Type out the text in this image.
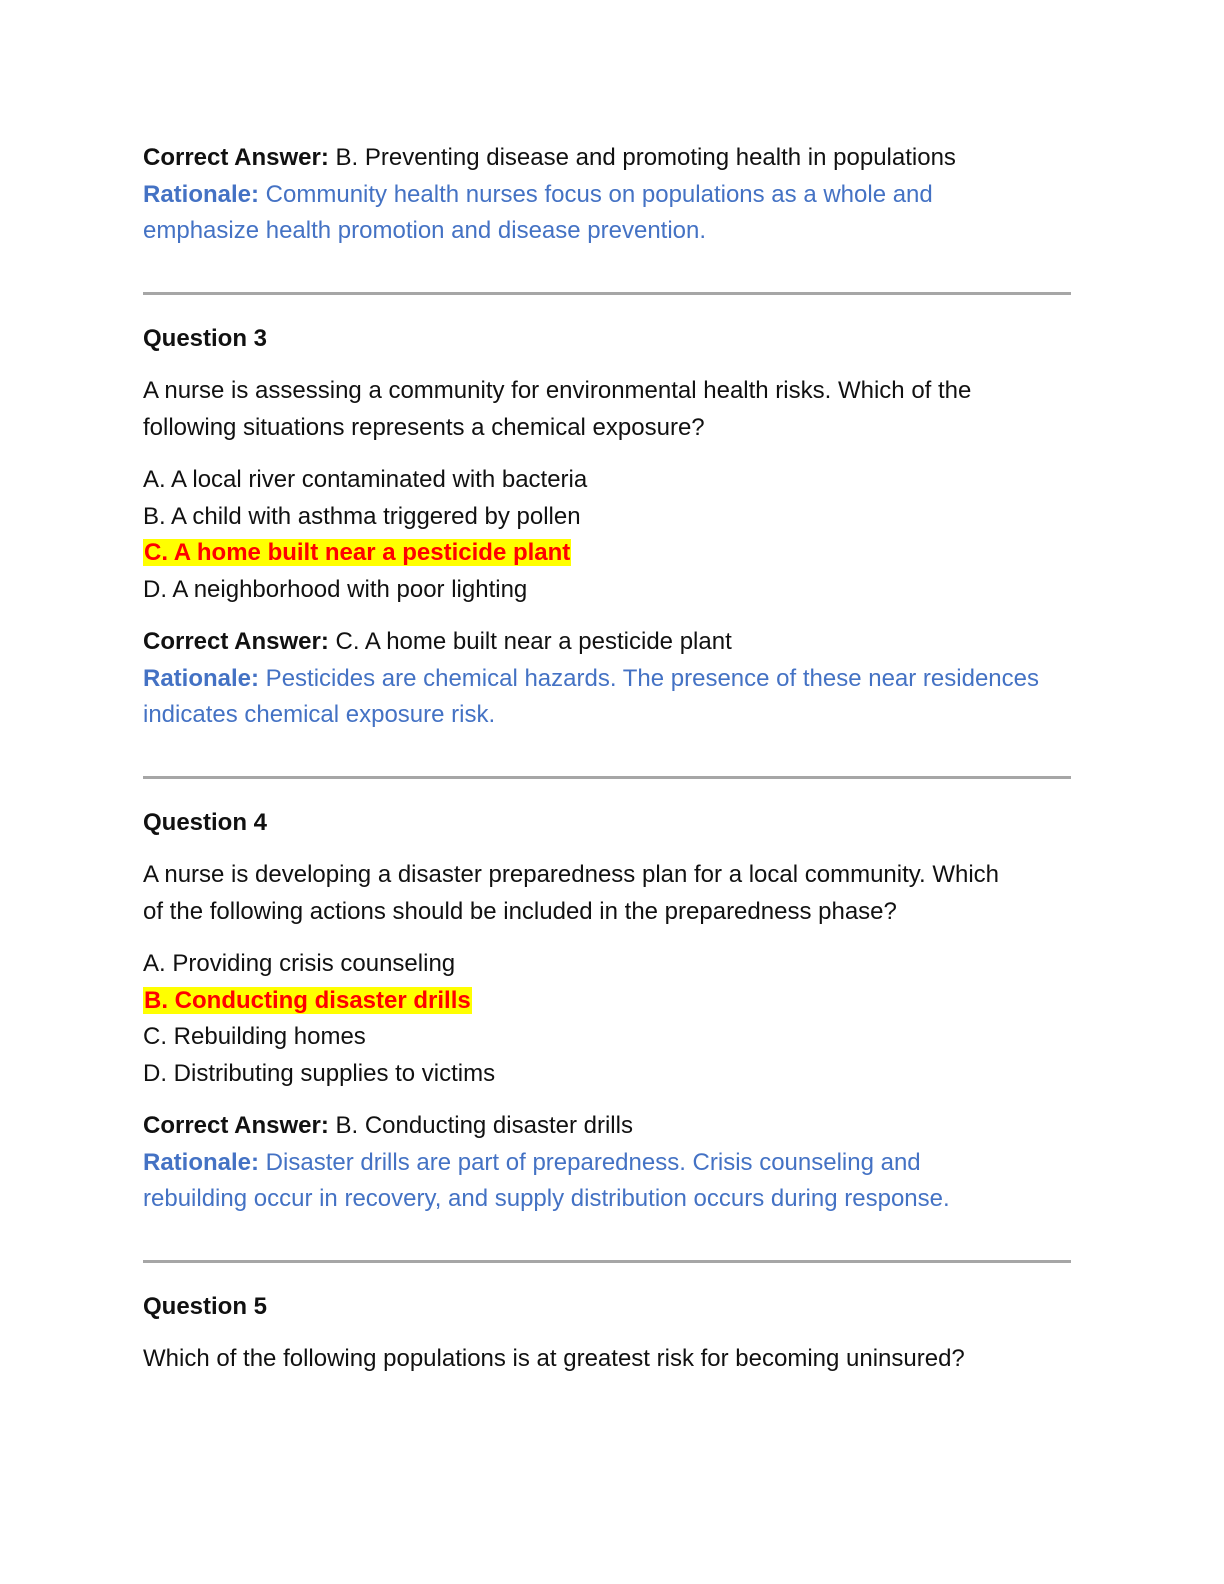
Correct Answer: B. Preventing disease and promoting health in populations
Rationale: Community health nurses focus on populations as a whole and
emphasize health promotion and disease prevention.
Question 3
A nurse is assessing a community for environmental health risks. Which of the
following situations represents a chemical exposure?
A. A local river contaminated with bacteria
B. A child with asthma triggered by pollen
C. A home built near a pesticide plant
D. A neighborhood with poor lighting
Correct Answer: C. A home built near a pesticide plant
Rationale: Pesticides are chemical hazards. The presence of these near residences
indicates chemical exposure risk.
Question 4
A nurse is developing a disaster preparedness plan for a local community. Which
of the following actions should be included in the preparedness phase?
A. Providing crisis counseling
B. Conducting disaster drills
C. Rebuilding homes
D. Distributing supplies to victims
Correct Answer: B. Conducting disaster drills
Rationale: Disaster drills are part of preparedness. Crisis counseling and
rebuilding occur in recovery, and supply distribution occurs during response.
Question 5
Which of the following populations is at greatest risk for becoming uninsured?
